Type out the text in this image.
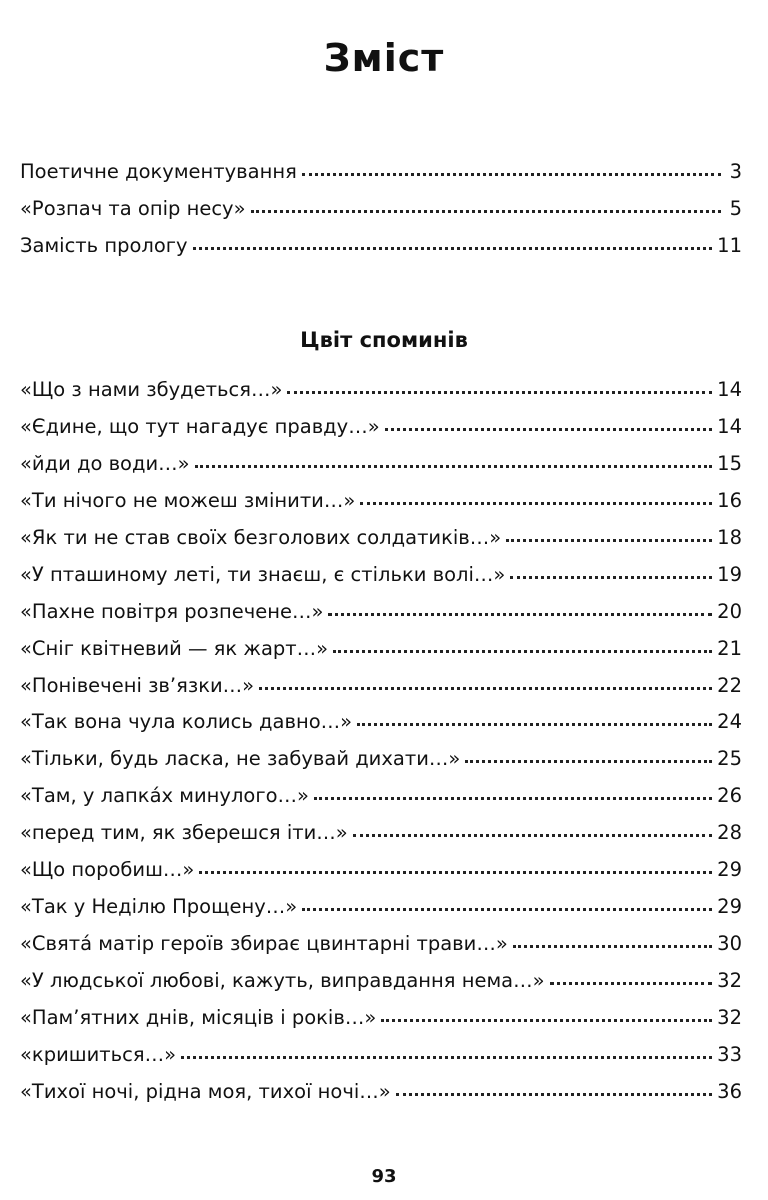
Зміст
Поетичне документування	3
«Розпач та опір несу»	5
Замість прологу	11
Цвіт споминів
«Що з нами збудеться…»	14
«Єдине, що тут нагадує правду…»	14
«йди до води…»	15
«Ти нічого не можеш змінити…»	16
«Як ти не став своїх безголових солдатиків…»	18
«У пташиному леті, ти знаєш, є стільки волі…»	19
«Пахне повітря розпечене…»	20
«Сніг квітневий — як жарт…»	21
«Понівечені зв’язки…»	22
«Так вона чула колись давно…»	24
«Тільки, будь ласка, не забувай дихати…»	25
«Там, у лапка́х минулого…»	26
«перед тим, як зберешся іти…»	28
«Що поробиш…»	29
«Так у Неділю Прощену…»	29
«Свята́ матір героїв збирає цвинтарні трави…»	30
«У людської любові, кажуть, виправдання нема…»	32
«Пам’ятних днів, місяців і років…»	32
«кришиться…»	33
«Тихої ночі, рідна моя, тихої ночі…»	36
93
